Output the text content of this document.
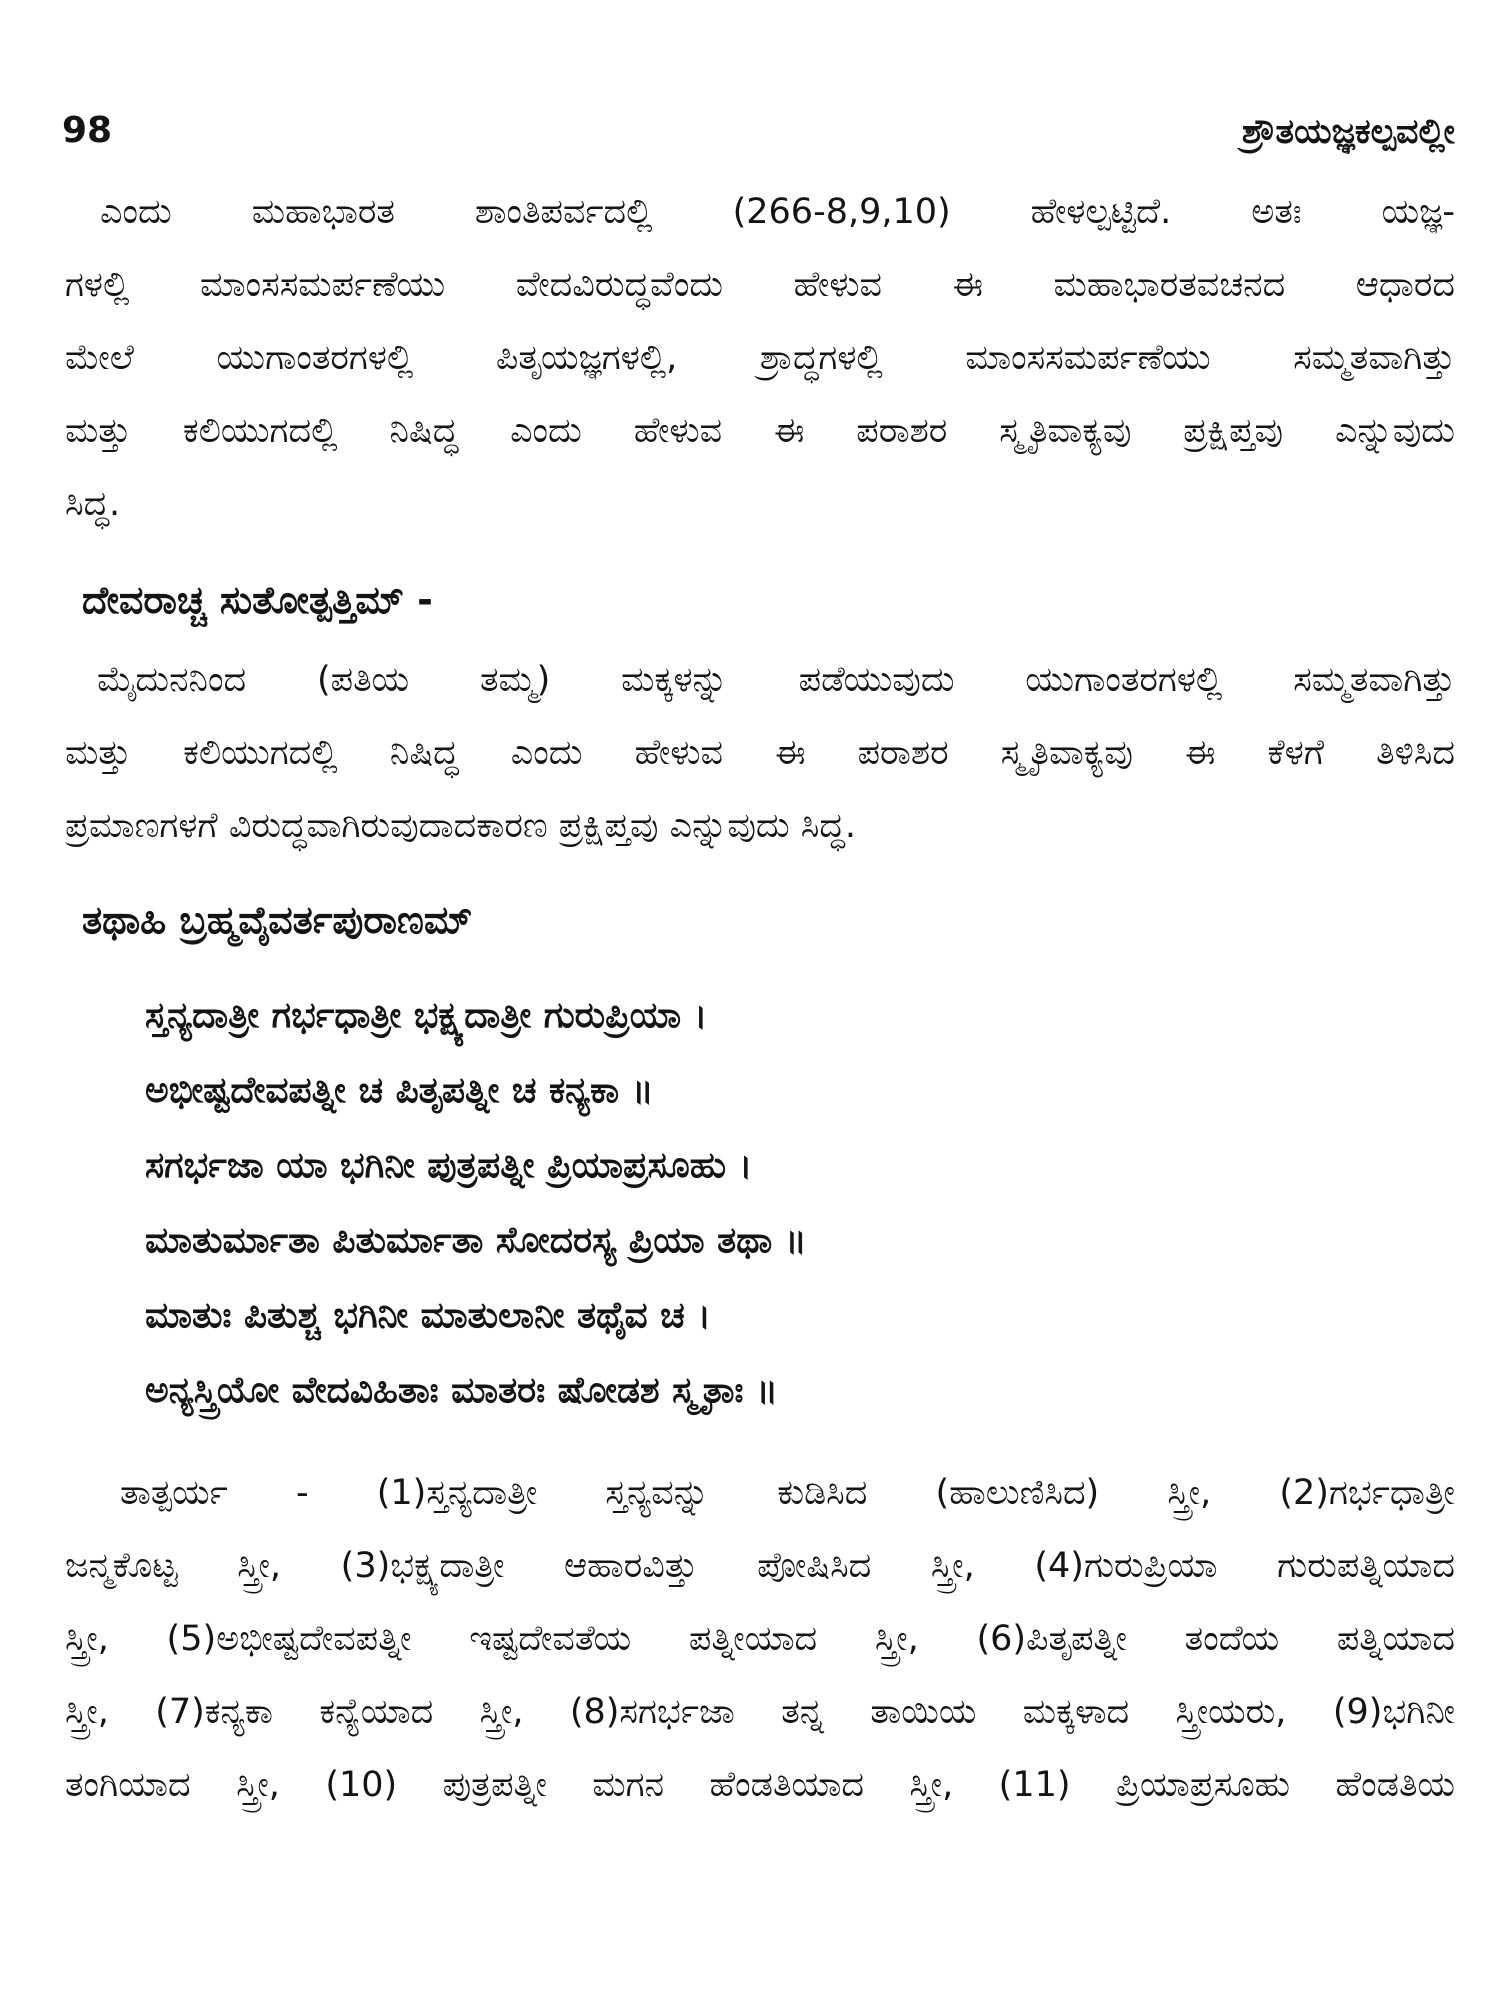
98	ಶ್ರೌತಯಜ್ಞಕಲ್ಪವಲ್ಲೀ
ಎಂದು ಮಹಾಭಾರತ ಶಾಂತಿಪರ್ವದಲ್ಲಿ (266-8,9,10) ಹೇಳಲ್ಪಟ್ಟಿದೆ. ಅತಃ ಯಜ್ಞ-
ಗಳಲ್ಲಿ ಮಾಂಸಸಮರ್ಪಣೆಯು ವೇದವಿರುದ್ಧವೆಂದು ಹೇಳುವ ಈ ಮಹಾಭಾರತವಚನದ ಆಧಾರದ
ಮೇಲೆ ಯುಗಾಂತರಗಳಲ್ಲಿ ಪಿತೃಯಜ್ಞಗಳಲ್ಲಿ, ಶ್ರಾದ್ಧಗಳಲ್ಲಿ ಮಾಂಸಸಮರ್ಪಣೆಯು ಸಮ್ಮತವಾಗಿತ್ತು
ಮತ್ತು ಕಲಿಯುಗದಲ್ಲಿ ನಿಷಿದ್ಧ ಎಂದು ಹೇಳುವ ಈ ಪರಾಶರ ಸ್ಮೃತಿವಾಕ್ಯವು ಪ್ರಕ್ಷಿಪ್ತವು ಎನ್ನುವುದು
ಸಿದ್ಧ.
ದೇವರಾಚ್ಚ ಸುತೋತ್ಪತ್ತಿಮ್ -
ಮೈದುನನಿಂದ (ಪತಿಯ ತಮ್ಮ) ಮಕ್ಕಳನ್ನು ಪಡೆಯುವುದು ಯುಗಾಂತರಗಳಲ್ಲಿ ಸಮ್ಮತವಾಗಿತ್ತು
ಮತ್ತು ಕಲಿಯುಗದಲ್ಲಿ ನಿಷಿದ್ಧ ಎಂದು ಹೇಳುವ ಈ ಪರಾಶರ ಸ್ಮೃತಿವಾಕ್ಯವು ಈ ಕೆಳಗೆ ತಿಳಿಸಿದ
ಪ್ರಮಾಣಗಳಗೆ ವಿರುದ್ಧವಾಗಿರುವುದಾದಕಾರಣ ಪ್ರಕ್ಷಿಪ್ತವು ಎನ್ನುವುದು ಸಿದ್ಧ.
ತಥಾಹಿ ಬ್ರಹ್ಮವೈವರ್ತಪುರಾಣಮ್
ಸ್ತನ್ಯದಾತ್ರೀ ಗರ್ಭಧಾತ್ರೀ ಭಕ್ಷ್ಯದಾತ್ರೀ ಗುರುಪ್ರಿಯಾ ।
ಅಭೀಷ್ಟದೇವಪತ್ನೀ ಚ ಪಿತೃಪತ್ನೀ ಚ ಕನ್ಯಕಾ ॥
ಸಗರ್ಭಜಾ ಯಾ ಭಗಿನೀ ಪುತ್ರಪತ್ನೀ ಪ್ರಿಯಾಪ್ರಸೂಹು ।
ಮಾತುರ್ಮಾತಾ ಪಿತುರ್ಮಾತಾ ಸೋದರಸ್ಯ ಪ್ರಿಯಾ ತಥಾ ॥
ಮಾತುಃ ಪಿತುಶ್ಚ ಭಗಿನೀ ಮಾತುಲಾನೀ ತಥೈವ ಚ ।
ಅನ್ಯಸ್ತ್ರಿಯೋ ವೇದವಿಹಿತಾಃ ಮಾತರಃ ಷೋಡಶ ಸ್ಮೃತಾಃ ॥
ತಾತ್ಪರ್ಯ - (1)ಸ್ತನ್ಯದಾತ್ರೀ ಸ್ತನ್ಯವನ್ನು ಕುಡಿಸಿದ (ಹಾಲುಣಿಸಿದ) ಸ್ತ್ರೀ, (2)ಗರ್ಭಧಾತ್ರೀ
ಜನ್ಮಕೊಟ್ಟ ಸ್ತ್ರೀ, (3)ಭಕ್ಷ್ಯದಾತ್ರೀ ಆಹಾರವಿತ್ತು ಪೋಷಿಸಿದ ಸ್ತ್ರೀ, (4)ಗುರುಪ್ರಿಯಾ ಗುರುಪತ್ನಿಯಾದ
ಸ್ತ್ರೀ, (5)ಅಭೀಷ್ಟದೇವಪತ್ನೀ ಇಷ್ಟದೇವತೆಯ ಪತ್ನೀಯಾದ ಸ್ತ್ರೀ, (6)ಪಿತೃಪತ್ನೀ ತಂದೆಯ ಪತ್ನಿಯಾದ
ಸ್ತ್ರೀ, (7)ಕನ್ಯಕಾ ಕನ್ಯೆಯಾದ ಸ್ತ್ರೀ, (8)ಸಗರ್ಭಜಾ ತನ್ನ ತಾಯಿಯ ಮಕ್ಕಳಾದ ಸ್ತ್ರೀಯರು, (9)ಭಗಿನೀ
ತಂಗಿಯಾದ ಸ್ತ್ರೀ, (10) ಪುತ್ರಪತ್ನೀ ಮಗನ ಹೆಂಡತಿಯಾದ ಸ್ತ್ರೀ, (11) ಪ್ರಿಯಾಪ್ರಸೂಹು ಹೆಂಡತಿಯ
